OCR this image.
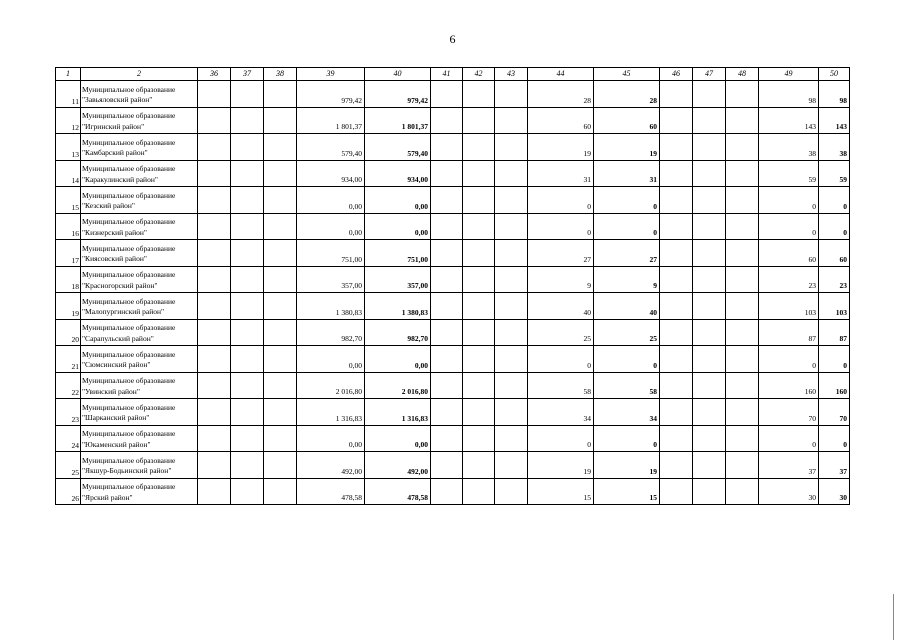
6
1	2	36	37	38	39	40	41	42	43	44	45	46	47	48	49	50
11	Муниципальное образование
"Завьяловский район"				979,42	979,42				28	28				98	98
12	Муниципальное образование
"Игринский район"				1 801,37	1 801,37				60	60				143	143
13	Муниципальное образование
"Камбарский район"				579,40	579,40				19	19				38	38
14	Муниципальное образование
"Каракулинский район"				934,00	934,00				31	31				59	59
15	Муниципальное образование
"Кезский район"				0,00	0,00				0	0				0	0
16	Муниципальное образование
"Кизнерский район"				0,00	0,00				0	0				0	0
17	Муниципальное образование
"Киясовский район"				751,00	751,00				27	27				60	60
18	Муниципальное образование
"Красногорский район"				357,00	357,00				9	9				23	23
19	Муниципальное образование
"Малопургинский район"				1 380,83	1 380,83				40	40				103	103
20	Муниципальное образование
"Сарапульский район"				982,70	982,70				25	25				87	87
21	Муниципальное образование
"Сюмсинский район"				0,00	0,00				0	0				0	0
22	Муниципальное образование
"Увинский район"				2 016,80	2 016,80				58	58				160	160
23	Муниципальное образование
"Шарканский район"				1 316,83	1 316,83				34	34				70	70
24	Муниципальное образование
"Юкаменский район"				0,00	0,00				0	0				0	0
25	Муниципальное образование
"Якшур-Бодьинский район"				492,00	492,00				19	19				37	37
26	Муниципальное образование
"Ярский район"				478,58	478,58				15	15				30	30
